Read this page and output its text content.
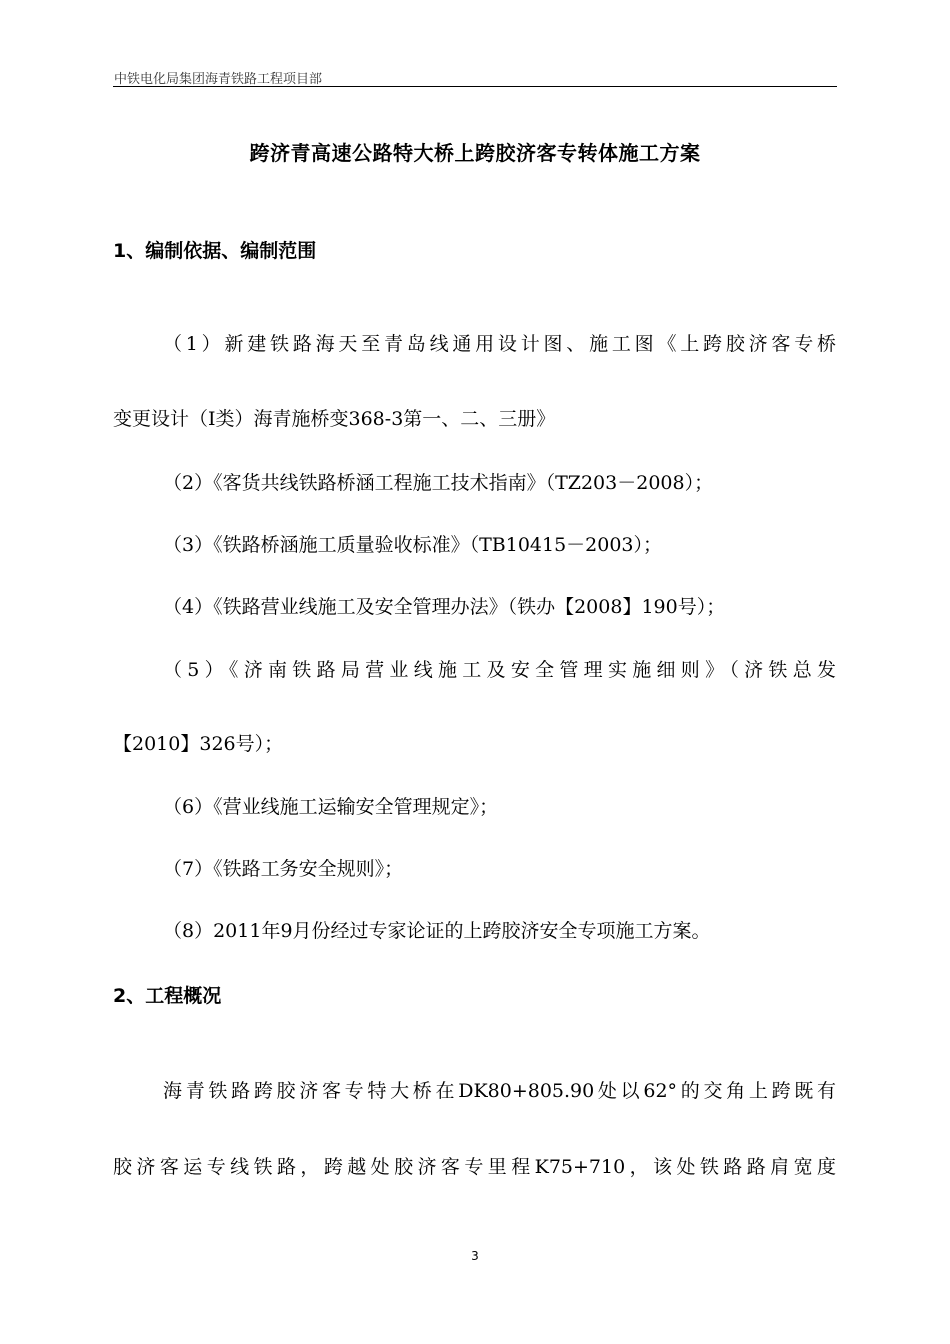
中铁电化局集团海青铁路工程项目部
跨济青高速公路特大桥上跨胶济客专转体施工方案
1、编制依据、编制范围
（1）新建铁路海天至青岛线通用设计图、施工图《上跨胶济客专桥
变更设计（Ⅰ类）海青施桥变368-3第一、二、三册》
（2）《客货共线铁路桥涵工程施工技术指南》（TZ203－2008）；
（3）《铁路桥涵施工质量验收标准》（TB10415－2003）；
（4）《铁路营业线施工及安全管理办法》（铁办【2008】190号）；
（5）《济南铁路局营业线施工及安全管理实施细则》（济铁总发
【2010】326号）；
（6）《营业线施工运输安全管理规定》；
（7）《铁路工务安全规则》；
（8）2011年9月份经过专家论证的上跨胶济安全专项施工方案。
2、工程概况
海青铁路跨胶济客专特大桥在DK80+805.90处以62°的交角上跨既有
胶济客运专线铁路，跨越处胶济客专里程K75+710，该处铁路路肩宽度
3
